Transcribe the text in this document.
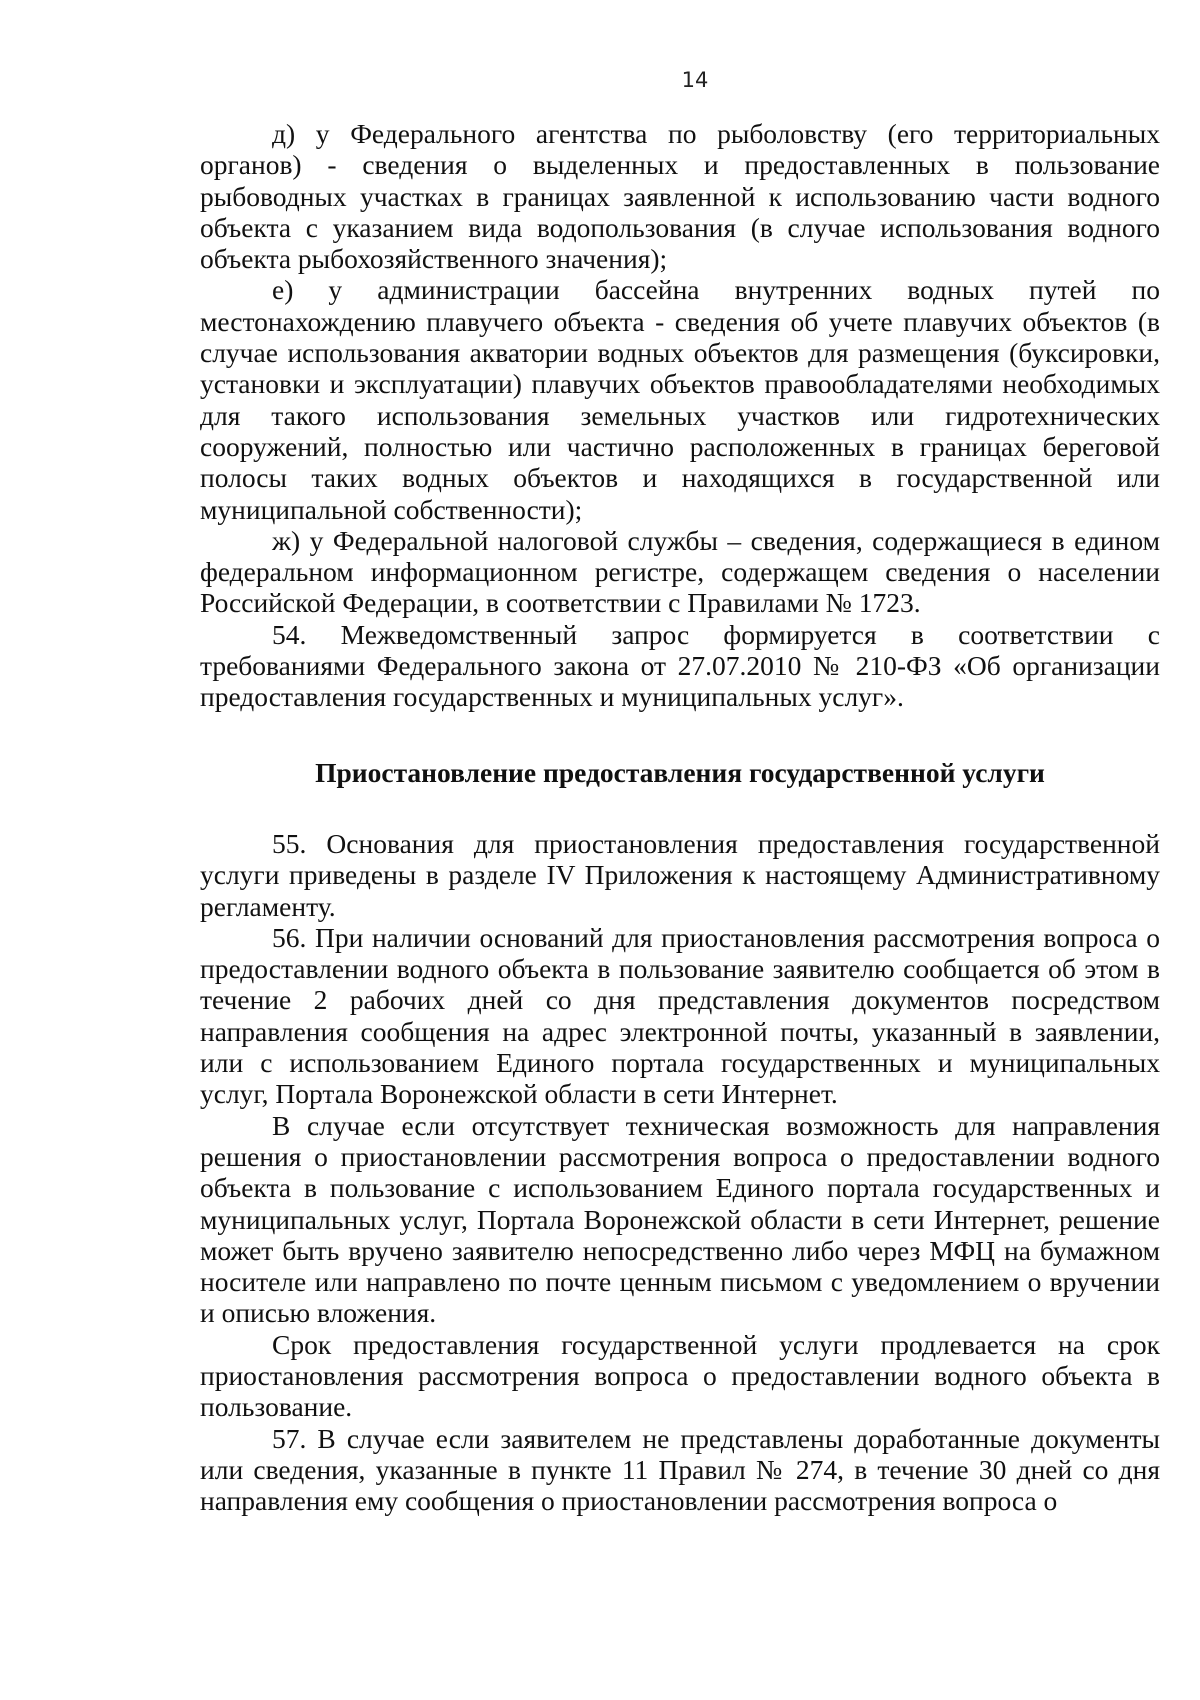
14

д) у Федерального агентства по рыболовству (его территориальных органов) - сведения о выделенных и предоставленных в пользование рыбоводных участках в границах заявленной к использованию части водного объекта с указанием вида водопользования (в случае использования водного объекта рыбохозяйственного значения);

е) у администрации бассейна внутренних водных путей по местонахождению плавучего объекта - сведения об учете плавучих объектов (в случае использования акватории водных объектов для размещения (буксировки, установки и эксплуатации) плавучих объектов правообладателями необходимых для такого использования земельных участков или гидротехнических сооружений, полностью или частично расположенных в границах береговой полосы таких водных объектов и находящихся в государственной или муниципальной собственности);

ж) у Федеральной налоговой службы – сведения, содержащиеся в едином федеральном информационном регистре, содержащем сведения о населении Российской Федерации, в соответствии с Правилами № 1723.

54. Межведомственный запрос формируется в соответствии с требованиями Федерального закона от 27.07.2010 № 210-ФЗ «Об организации предоставления государственных и муниципальных услуг».

Приостановление предоставления государственной услуги

55. Основания для приостановления предоставления государственной услуги приведены в разделе IV Приложения к настоящему Административному регламенту.

56. При наличии оснований для приостановления рассмотрения вопроса о предоставлении водного объекта в пользование заявителю сообщается об этом в течение 2 рабочих дней со дня представления документов посредством направления сообщения на адрес электронной почты, указанный в заявлении, или с использованием Единого портала государственных и муниципальных услуг, Портала Воронежской области в сети Интернет.

В случае если отсутствует техническая возможность для направления решения о приостановлении рассмотрения вопроса о предоставлении водного объекта в пользование с использованием Единого портала государственных и муниципальных услуг, Портала Воронежской области в сети Интернет, решение может быть вручено заявителю непосредственно либо через МФЦ на бумажном носителе или направлено по почте ценным письмом с уведомлением о вручении и описью вложения.

Срок предоставления государственной услуги продлевается на срок приостановления рассмотрения вопроса о предоставлении водного объекта в пользование.

57. В случае если заявителем не представлены доработанные документы или сведения, указанные в пункте 11 Правил № 274, в течение 30 дней со дня направления ему сообщения о приостановлении рассмотрения вопроса о
